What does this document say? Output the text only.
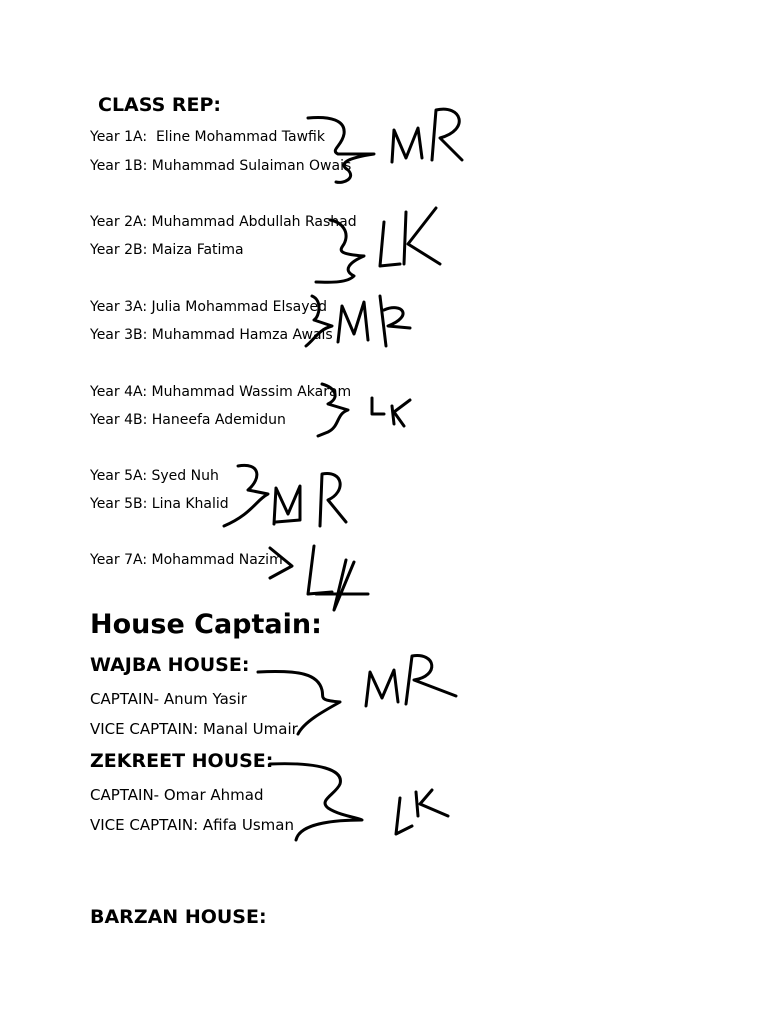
CLASS REP:
Year 1A:  Eline Mohammad Tawfik
Year 1B: Muhammad Sulaiman Owais
Year 2A: Muhammad Abdullah Rashad
Year 2B: Maiza Fatima
Year 3A: Julia Mohammad Elsayed
Year 3B: Muhammad Hamza Awais
Year 4A: Muhammad Wassim Akaram
Year 4B: Haneefa Ademidun
Year 5A: Syed Nuh
Year 5B: Lina Khalid
Year 7A: Mohammad Nazim
House Captain:
WAJBA HOUSE:
CAPTAIN- Anum Yasir
VICE CAPTAIN: Manal Umair
ZEKREET HOUSE:
CAPTAIN- Omar Ahmad
VICE CAPTAIN: Afifa Usman
BARZAN HOUSE:
